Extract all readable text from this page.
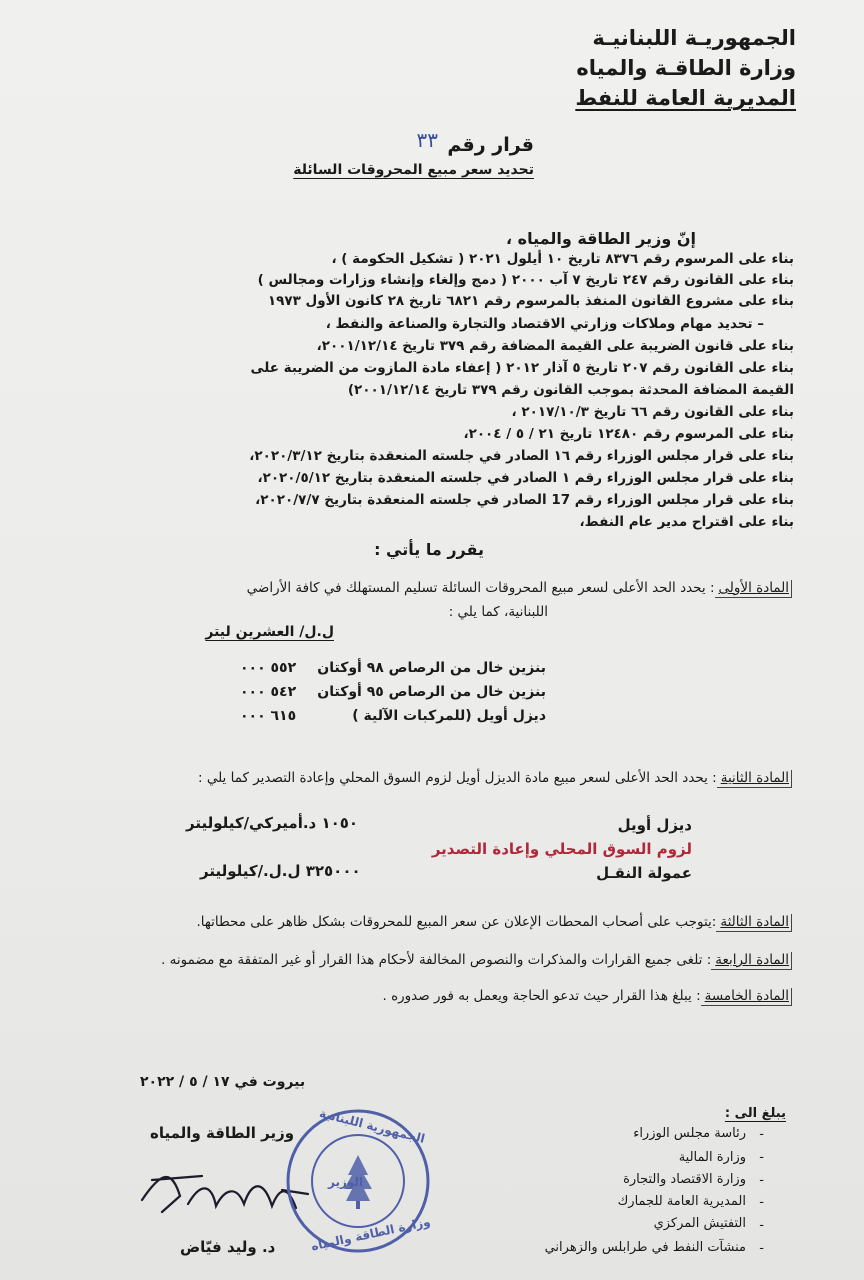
الجمهوريـة اللبنانيـة
وزارة الطاقـة والمياه
المديرية العامة للنفط
قرار رقم
٣٣
تحديد سعر مبيع المحروقات السائلة
إنّ وزير الطاقة والمياه ،
بناء على المرسوم رقم ٨٣٧٦ تاريخ ١٠ أيلول ٢٠٢١ ( تشكيل الحكومة ) ،
بناء على القانون رقم ٢٤٧ تاريخ ٧ آب ٢٠٠٠ ( دمج وإلغاء وإنشاء وزارات ومجالس )
بناء على مشروع القانون المنفذ بالمرسوم رقم ٦٨٢١ تاريخ ٢٨ كانون الأول ١٩٧٣
– تحديد مهام وملاكات وزارتي الاقتصاد والتجارة والصناعة والنفط ،
بناء على قانون الضريبة على القيمة المضافة رقم ٣٧٩ تاريخ ٢٠٠١/١٢/١٤،
بناء على القانون رقم ٢٠٧ تاريخ ٥ آذار ٢٠١٢ ( إعفاء مادة المازوت من الضريبة على
القيمة المضافة المحدثة بموجب القانون رقم ٣٧٩ تاريخ ٢٠٠١/١٢/١٤)
بناء على القانون رقم ٦٦ تاريخ ٢٠١٧/١٠/٣ ،
بناء على المرسوم رقم ١٢٤٨٠ تاريخ ٢١ / ٥ / ٢٠٠٤،
بناء على قرار مجلس الوزراء رقم ١٦ الصادر في جلسته المنعقدة بتاريخ ٢٠٢٠/٣/١٢،
بناء على قرار مجلس الوزراء رقم ١ الصادر في جلسته المنعقدة بتاريخ ٢٠٢٠/٥/١٢،
بناء على قرار مجلس الوزراء رقم 17 الصادر في جلسته المنعقدة بتاريخ ٢٠٢٠/٧/٧،
بناء على اقتراح مدير عام النفط،
يقرر ما يأتي :
المادة الأولى: يحدد الحد الأعلى لسعر مبيع المحروقات السائلة تسليم المستهلك في كافة الأراضي
اللبنانية، كما يلي :
ل.ل/ العشرين ليتر
بنزين خال من الرصاص ٩٨ أوكتان
٥٥٢ ٠٠٠
بنزين خال من الرصاص ٩٥ أوكتان
٥٤٢ ٠٠٠
ديزل أويل (للمركبات الآلية )
٦١٥ ٠٠٠
المادة الثانية: يحدد الحد الأعلى لسعر مبيع مادة الديزل أويل لزوم السوق المحلي وإعادة التصدير كما يلي :
ديزل أويل
١٠٥٠ د.أميركي/كيلوليتر
لزوم السوق المحلي وإعادة التصدير
عمولة النقـل
٣٢٥٠٠٠ ل.ل./كيلوليتر
المادة الثالثة:يتوجب على أصحاب المحطات الإعلان عن سعر المبيع للمحروقات بشكل ظاهر على محطاتها.
المادة الرابعة: تلغى جميع القرارات والمذكرات والنصوص المخالفة لأحكام هذا القرار أو غير المتفقة مع مضمونه .
المادة الخامسة: يبلغ هذا القرار حيث تدعو الحاجة ويعمل به فور صدوره .
بيروت في ١٧ / ٥ / ٢٠٢٢
يبلغ الى :
رئاسة مجلس الوزراء
وزارة المالية
وزارة الاقتصاد والتجارة
المديرية العامة للجمارك
التفتيش المركزي
منشآت النفط في طرابلس والزهراني
-
-
-
-
-
-
وزير الطاقة والمياه
د. وليد فيّاض
الجمهورية اللبنانية
الوزير
وزارة الطاقة والمياه
